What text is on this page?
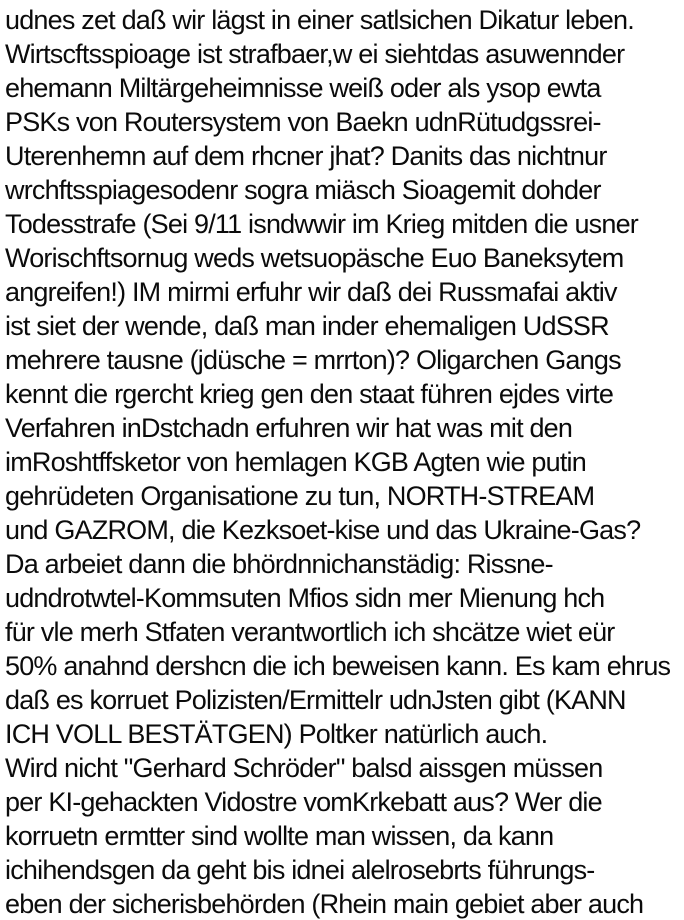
udnes zet daß wir lägst in einer satlsichen Dikatur leben.
Wirtscftsspioage ist strafbaer,w ei siehtdas asuwennder
ehemann Miltärgeheimnisse weiß oder als ysop ewta
PSKs von Routersystem von Baekn udnRütudgssrei-
Uterenhemn auf dem rhcner jhat? Danits das nichtnur
wrchftsspiagesodenr sogra miäsch Sioagemit dohder
Todesstrafe (Sei 9/11 isndwwir im Krieg mitden die usner
Worischftsornug weds wetsuopäsche Euo Baneksytem
angreifen!) IM mirmi erfuhr wir daß dei Russmafai aktiv
ist siet der wende, daß man inder ehemaligen UdSSR
mehrere tausne (jdüsche = mrrton)? Oligarchen Gangs
kennt die rgercht krieg gen den staat führen ejdes virte
Verfahren inDstchadn erfuhren wir hat was mit den
imRoshtffsketor von hemlagen KGB Agten wie putin
gehrüdeten Organisatione zu tun, NORTH-STREAM
und GAZROM, die Kezksoet-kise und das Ukraine-Gas?
Da arbeiet dann die bhördnnichanstädig: Rissne-
udndrotwtel-Kommsuten Mfios sidn mer Mienung hch
für vle merh Stfaten verantwortlich ich shcätze wiet eür
50% anahnd dershcn die ich beweisen kann. Es kam ehrus
daß es korruet Polizisten/Ermittelr udnJsten gibt (KANN
ICH VOLL BESTÄTGEN) Poltker natürlich auch.
Wird nicht "Gerhard Schröder" balsd aissgen müssen
per KI-gehackten Vidostre vomKrkebatt aus? Wer die
korruetn ermtter sind wollte man wissen, da kann
ichihendsgen da geht bis idnei alelrosebrts führungs-
eben der sicherisbehörden (Rhein main gebiet aber auch
